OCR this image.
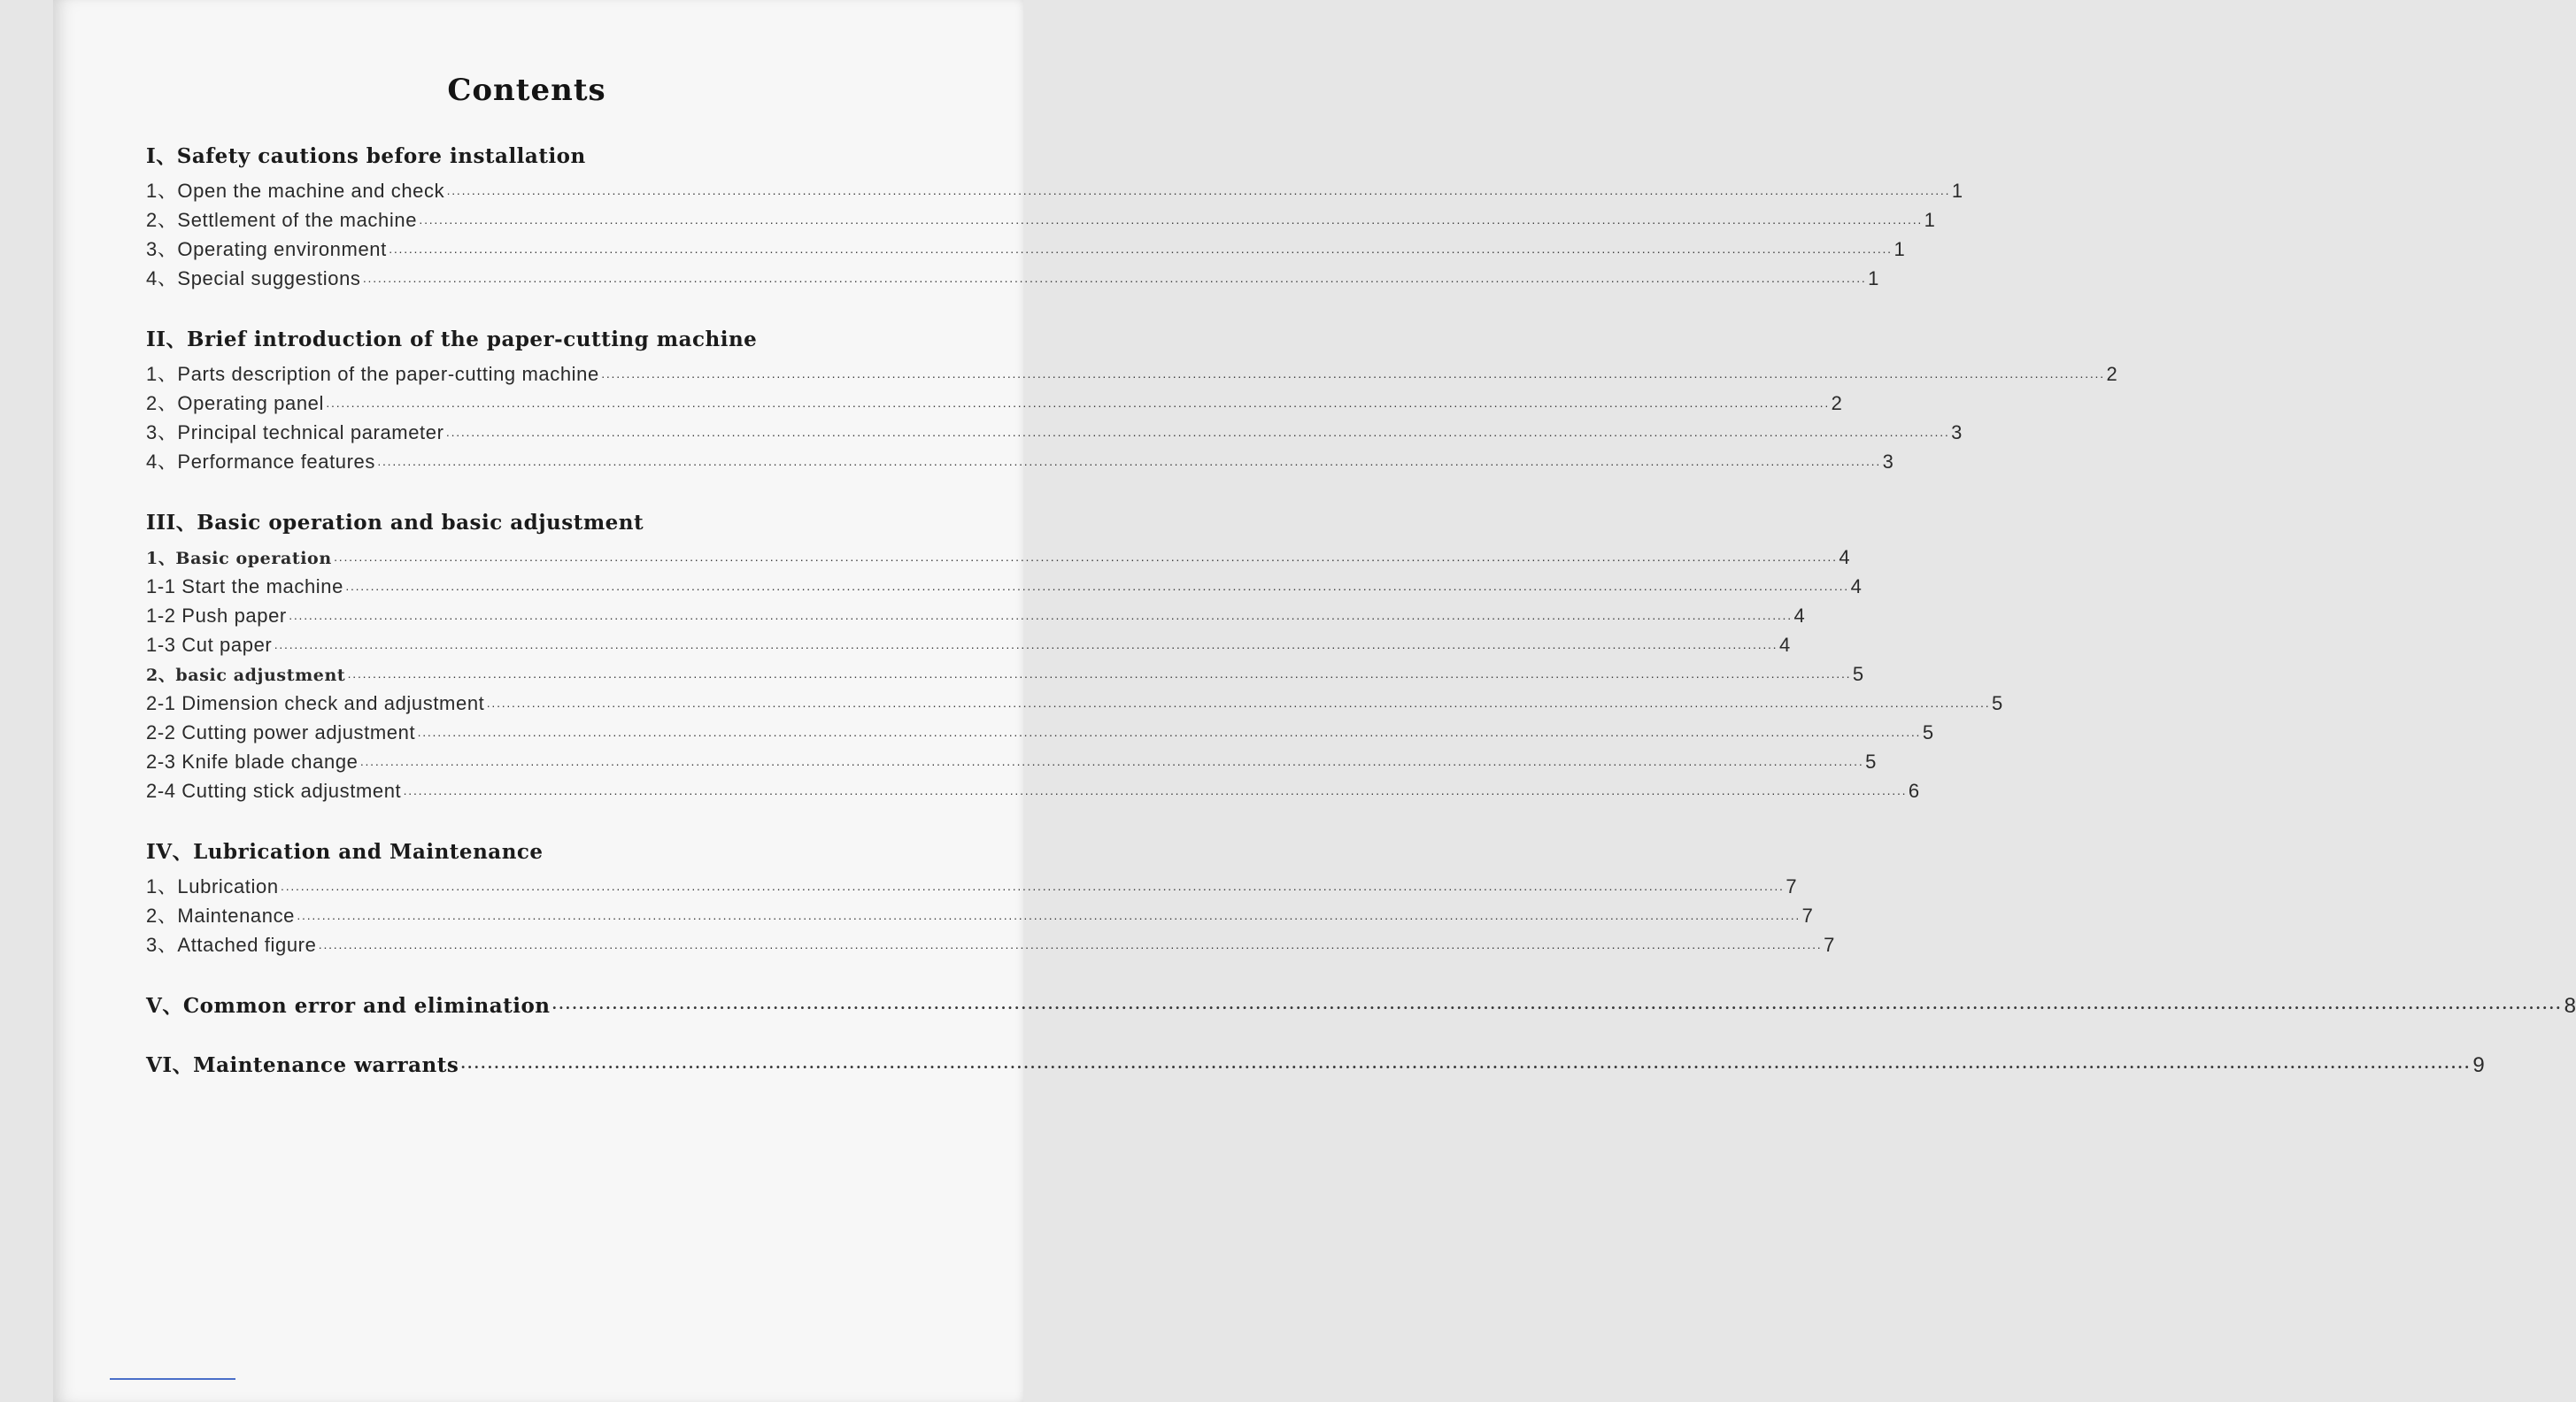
Contents
I、Safety cautions before installation
1、Open the machine and check ············································································································································································································································································································ 1
2、Settlement of the machine ············································································································································································································································································································ 1
3、Operating environment ············································································································································································································································································································ 1
4、Special suggestions ············································································································································································································································································································ 1
II、Brief introduction of the paper-cutting machine
1、Parts description of the paper-cutting machine ············································································································································································································································································································ 2
2、Operating panel ············································································································································································································································································································ 2
3、Principal technical parameter ············································································································································································································································································································ 3
4、Performance features ············································································································································································································································································································ 3
III、Basic operation and basic adjustment
1、Basic operation ············································································································································································································································································································ 4
1-1 Start the machine ············································································································································································································································································································ 4
1-2 Push paper ············································································································································································································································································································ 4
1-3 Cut paper ············································································································································································································································································································ 4
2、basic adjustment ············································································································································································································································································································ 5
2-1 Dimension check and adjustment ············································································································································································································································································································ 5
2-2 Cutting power adjustment ············································································································································································································································································································ 5
2-3 Knife blade change ············································································································································································································································································································ 5
2-4 Cutting stick adjustment ············································································································································································································································································································ 6
IV、Lubrication and Maintenance
1、Lubrication ············································································································································································································································································································ 7
2、Maintenance ············································································································································································································································································································ 7
3、Attached figure ············································································································································································································································································································ 7
V、Common error and elimination ············································································································································································································································································································ 8
VI、Maintenance warrants ············································································································································································································································································································ 9
